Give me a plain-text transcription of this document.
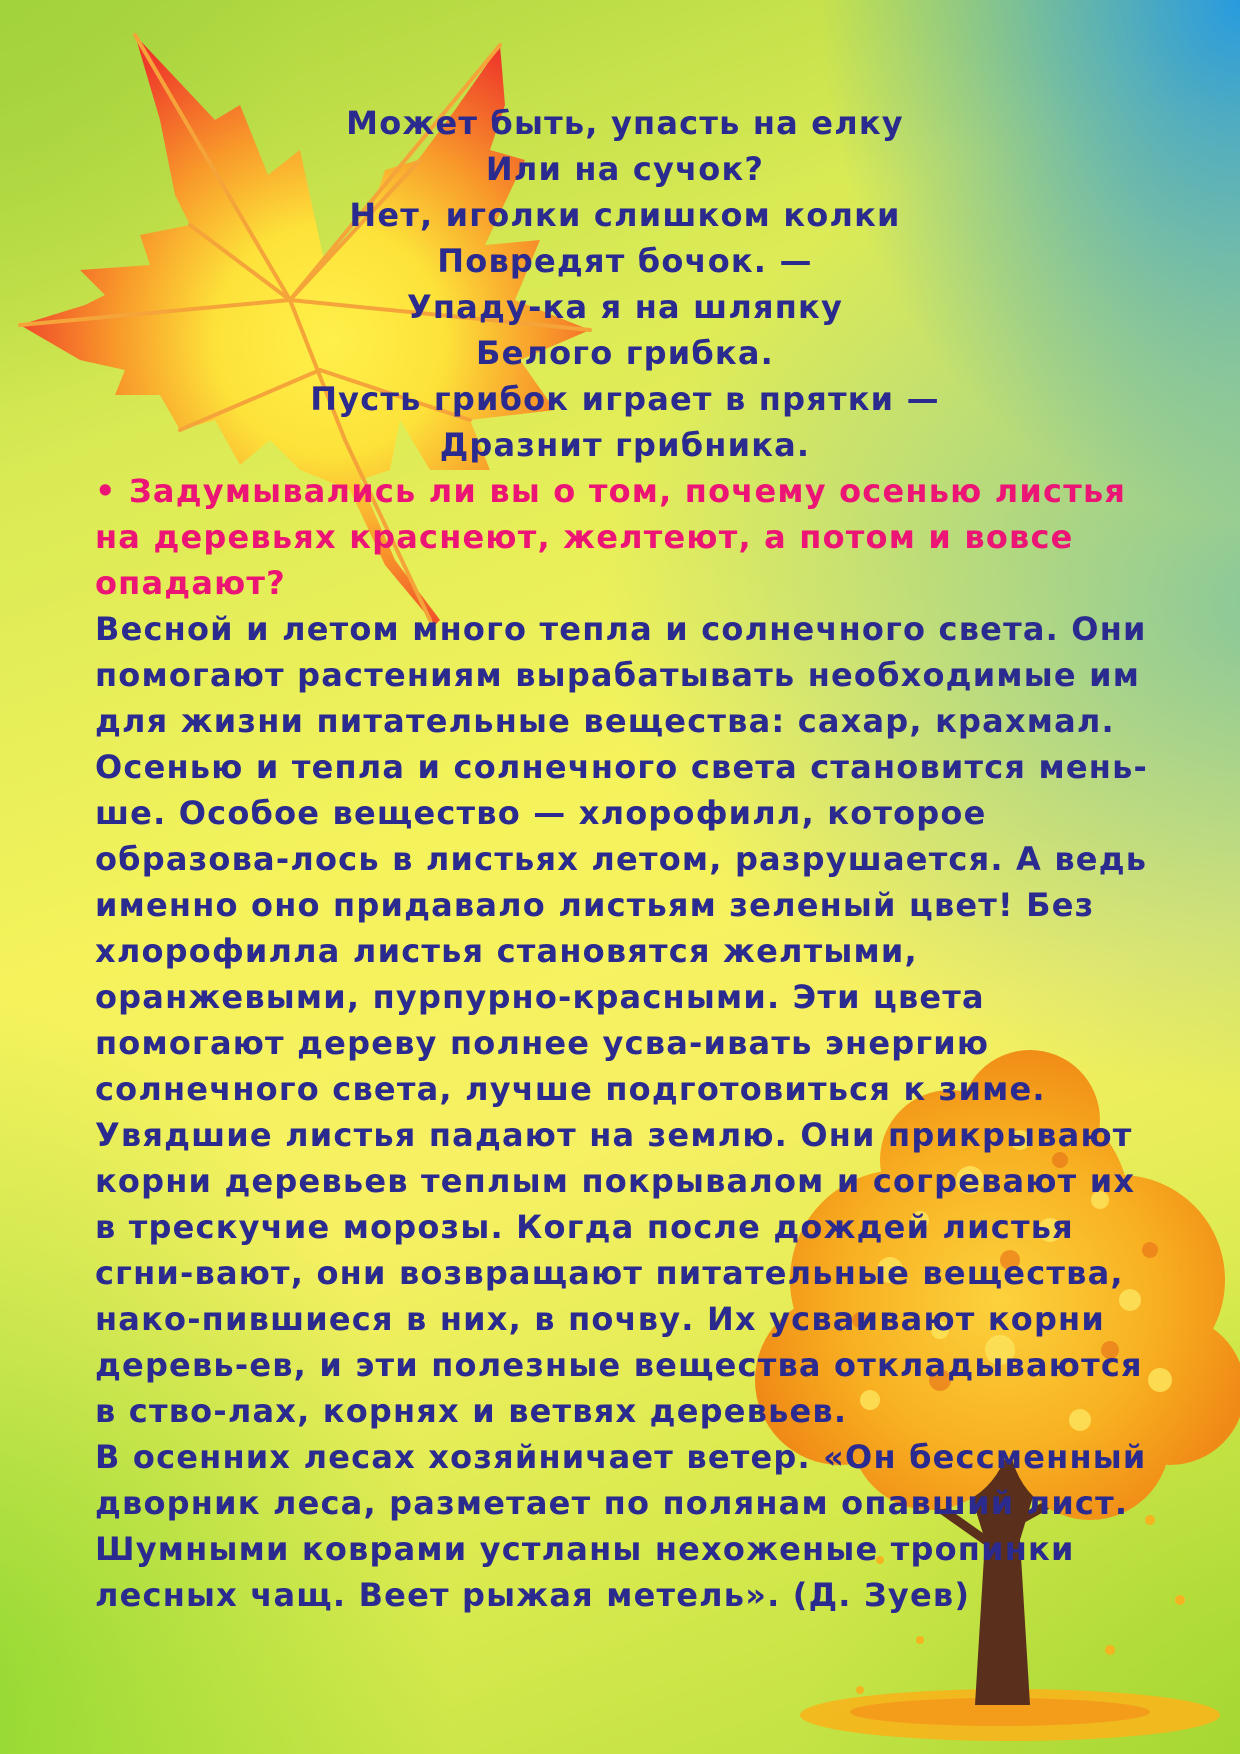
Может быть, упасть на елку
Или на сучок?
Нет, иголки слишком колки
Повредят бочок. —
Упаду-ка я на шляпку
Белого грибка.
Пусть грибок играет в прятки —
Дразнит грибника.
• Задумывались ли вы о том, почему осенью листья на деревьях краснеют, желтеют, а потом и вовсе опадают?

Весной и летом много тепла и солнечного света. Они помогают растениям вырабатывать необходимые им для жизни питательные вещества: сахар, крахмал. Осенью и тепла и солнечного света становится мень-ше. Особое вещество — хлорофилл, которое образова-лось в листьях летом, разрушается. А ведь именно оно придавало листьям зеленый цвет! Без хлорофилла листья становятся желтыми, оранжевыми, пурпурно-красными. Эти цвета помогают дереву полнее усва-ивать энергию солнечного света, лучше подготовиться к зиме.

Увядшие листья падают на землю. Они прикрывают корни деревьев теплым покрывалом и согревают их в трескучие морозы. Когда после дождей листья сгни-вают, они возвращают питательные вещества, нако-пившиеся в них, в почву. Их усваивают корни деревь-ев, и эти полезные вещества откладываются в ство-лах, корнях и ветвях деревьев.

В осенних лесах хозяйничает ветер. «Он бессменный дворник леса, разметает по полянам опавший лист. Шумными коврами устланы нехоженые тропинки лесных чащ. Веет рыжая метель». (Д. Зуев)
